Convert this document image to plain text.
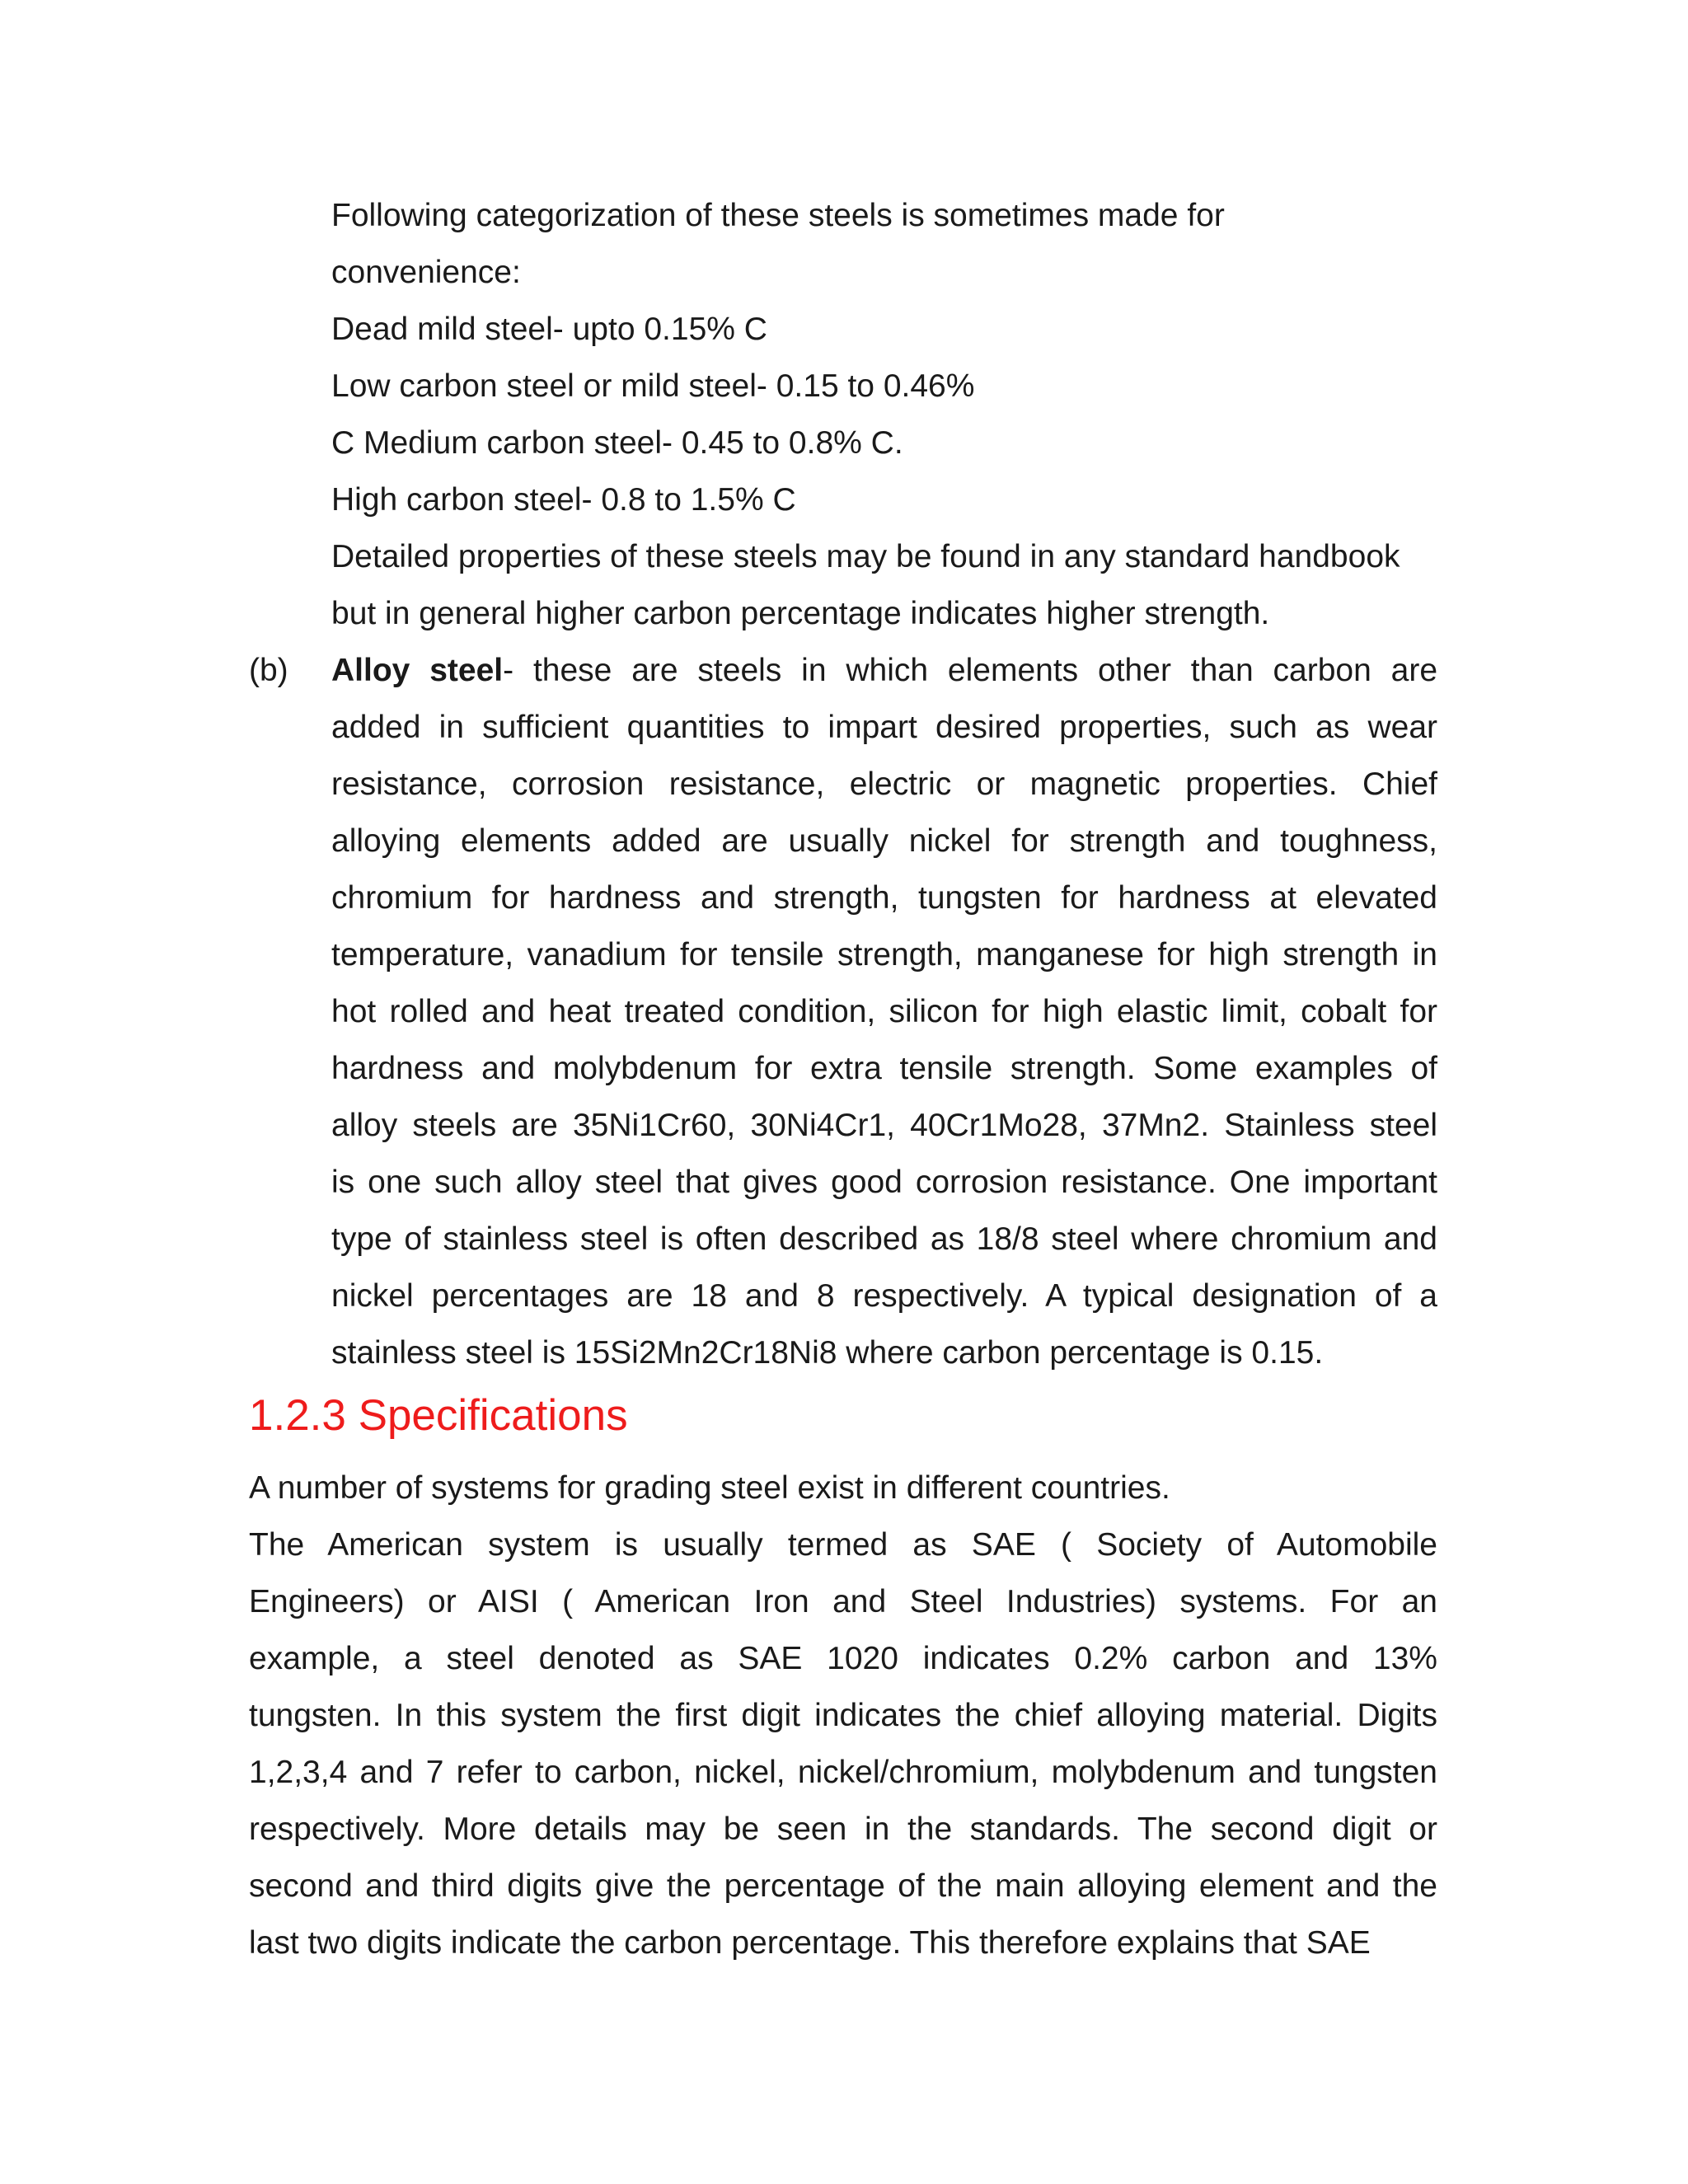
Following categorization of these steels is sometimes made for
convenience:
Dead mild steel- upto 0.15% C
Low carbon steel or mild steel- 0.15 to 0.46%
C Medium carbon steel- 0.45 to 0.8% C.
High carbon steel- 0.8 to 1.5% C
Detailed properties of these steels may be found in any standard handbook
but in general higher carbon percentage indicates higher strength.
(b) Alloy steel- these are steels in which elements other than carbon are
added in sufficient quantities to impart desired properties, such as wear
resistance, corrosion resistance, electric or magnetic properties. Chief
alloying elements added are usually nickel for strength and toughness,
chromium for hardness and strength, tungsten for hardness at elevated
temperature, vanadium for tensile strength, manganese for high strength in
hot rolled and heat treated condition, silicon for high elastic limit, cobalt for
hardness and molybdenum for extra tensile strength. Some examples of
alloy steels are 35Ni1Cr60, 30Ni4Cr1, 40Cr1Mo28, 37Mn2. Stainless steel
is one such alloy steel that gives good corrosion resistance. One important
type of stainless steel is often described as 18/8 steel where chromium and
nickel percentages are 18 and 8 respectively. A typical designation of a
stainless steel is 15Si2Mn2Cr18Ni8 where carbon percentage is 0.15.
1.2.3 Specifications
A number of systems for grading steel exist in different countries.
The American system is usually termed as SAE ( Society of Automobile
Engineers) or AISI ( American Iron and Steel Industries) systems. For an
example, a steel denoted as SAE 1020 indicates 0.2% carbon and 13%
tungsten. In this system the first digit indicates the chief alloying material. Digits
1,2,3,4 and 7 refer to carbon, nickel, nickel/chromium, molybdenum and tungsten
respectively. More details may be seen in the standards. The second digit or
second and third digits give the percentage of the main alloying element and the
last two digits indicate the carbon percentage. This therefore explains that SAE
